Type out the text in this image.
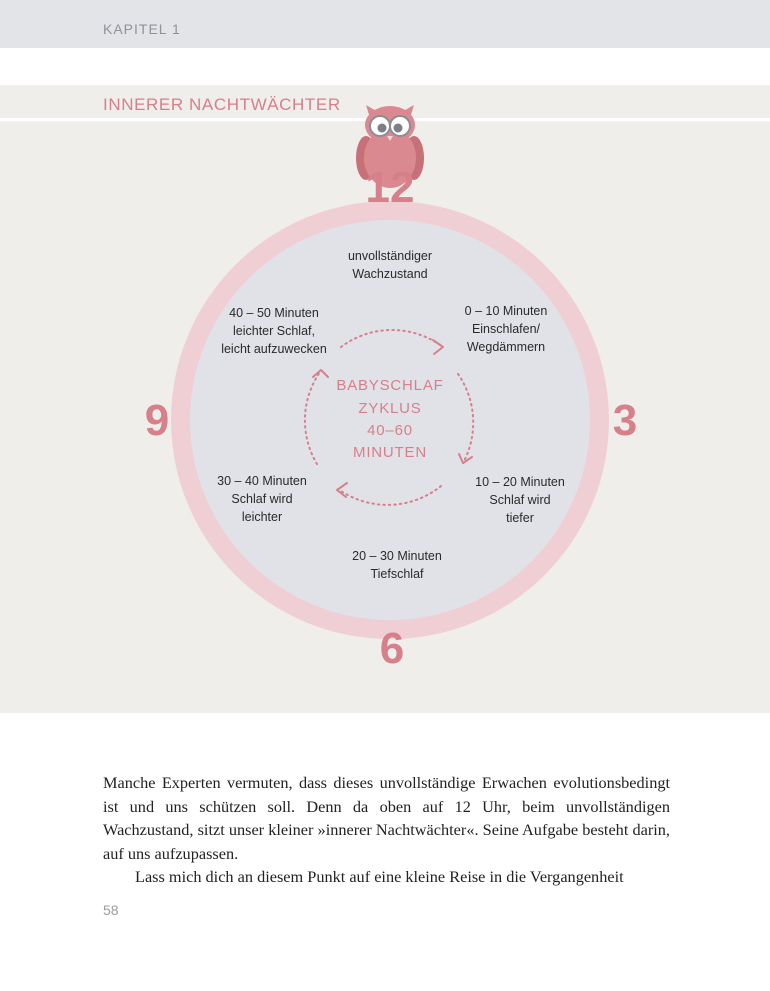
KAPITEL 1
INNERER NACHTWÄCHTER
12
3
6
9
BABYSCHLAF
ZYKLUS
40–60
MINUTEN
unvollständiger
Wachzustand
0 – 10 Minuten
Einschlafen/
Wegdämmern
10 – 20 Minuten
Schlaf wird
tiefer
20 – 30 Minuten
Tiefschlaf
30 – 40 Minuten
Schlaf wird
leichter
40 – 50 Minuten
leichter Schlaf,
leicht aufzuwecken

Manche Experten vermuten, dass dieses unvollständige Erwachen evolutionsbedingt ist und uns schützen soll. Denn da oben auf 12 Uhr, beim unvollständigen Wachzustand, sitzt unser kleiner »innerer Nachtwächter«. Seine Aufgabe besteht darin, auf uns aufzupassen.

Lass mich dich an diesem Punkt auf eine kleine Reise in die Vergangenheit

58
